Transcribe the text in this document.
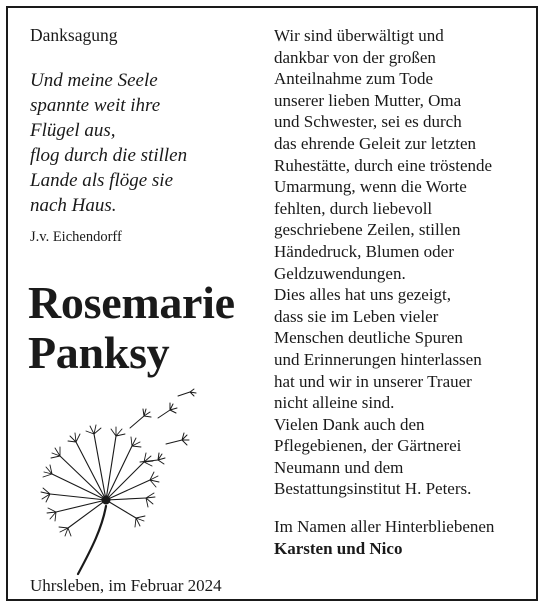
Danksagung
Und meine Seele
spannte weit ihre
Flügel aus,
flog durch die stillen
Lande als flöge sie
nach Haus.
J.v. Eichendorff
Rosemarie
Panksy
Uhrsleben, im Februar 2024
Wir sind überwältigt und
dankbar von der großen
Anteilnahme zum Tode
unserer lieben Mutter, Oma
und Schwester, sei es durch
das ehrende Geleit zur letzten
Ruhestätte, durch eine tröstende
Umarmung, wenn die Worte
fehlten, durch liebevoll
geschriebene Zeilen, stillen
Händedruck, Blumen oder
Geldzuwendungen.
Dies alles hat uns gezeigt,
dass sie im Leben vieler
Menschen deutliche Spuren
und Erinnerungen hinterlassen
hat und wir in unserer Trauer
nicht alleine sind.
Vielen Dank auch den
Pflegebienen, der Gärtnerei
Neumann und dem
Bestattungsinstitut H. Peters.
Im Namen aller Hinterbliebenen
Karsten und Nico
